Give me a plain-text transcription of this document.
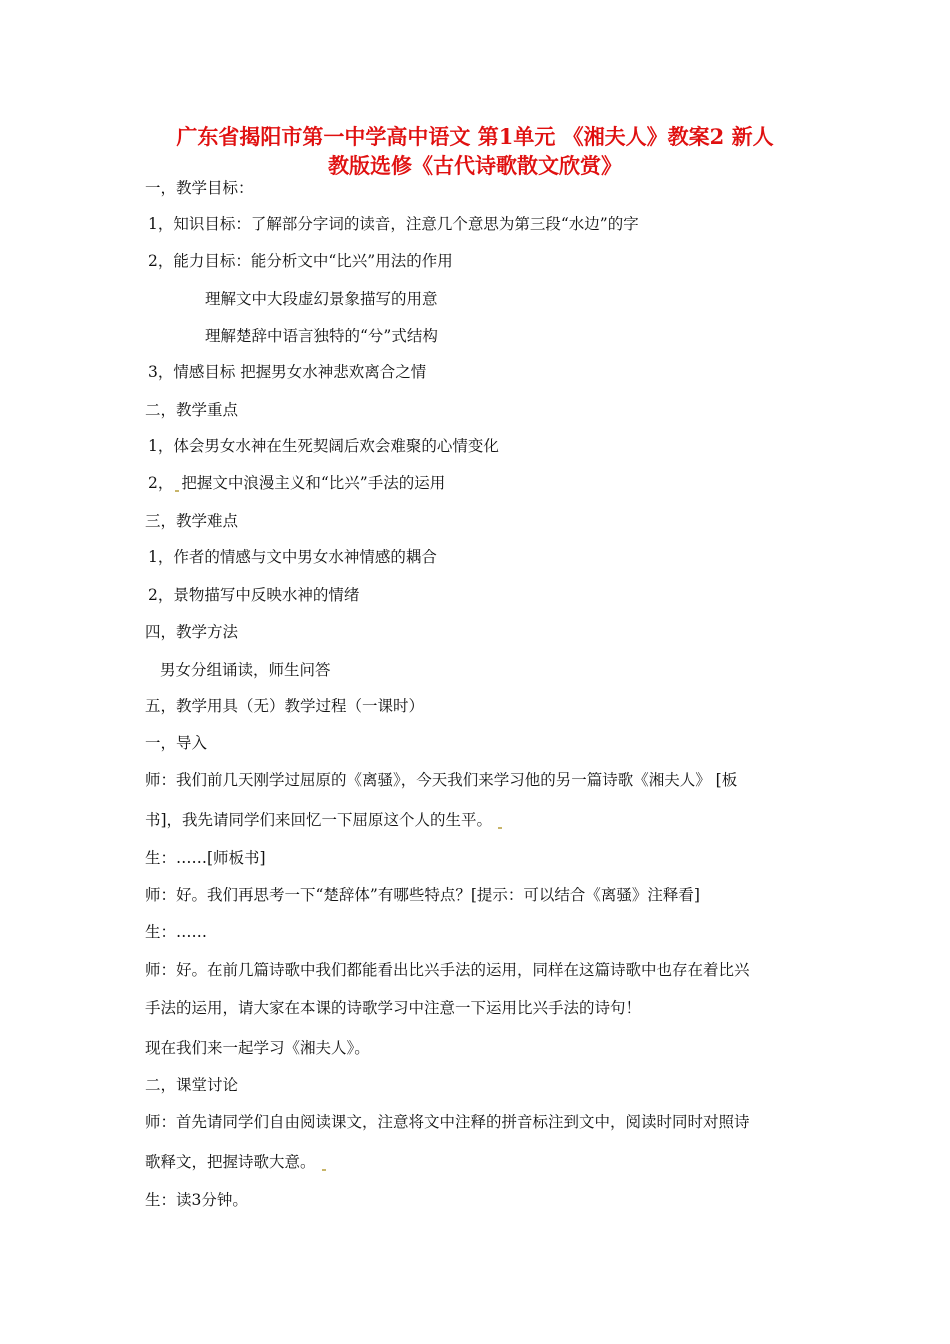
广东省揭阳市第一中学高中语文 第1单元 《湘夫人》教案2 新人
教版选修《古代诗歌散文欣赏》
一，教学目标：
1，知识目标：了解部分字词的读音，注意几个意思为第三段“水边”的字
2，能力目标：能分析文中“比兴”用法的作用
理解文中大段虚幻景象描写的用意
理解楚辞中语言独特的“兮”式结构
3，情感目标 把握男女水神悲欢离合之情
二，教学重点
1，体会男女水神在生死契阔后欢会难聚的心情变化
2， 把握文中浪漫主义和“比兴”手法的运用
三，教学难点
1，作者的情感与文中男女水神情感的耦合
2，景物描写中反映水神的情绪
四，教学方法
男女分组诵读，师生问答
五，教学用具（无）教学过程（一课时）
一，导入
师：我们前几天刚学过屈原的《离骚》，今天我们来学习他的另一篇诗歌《湘夫人》 [板
书]，我先请同学们来回忆一下屈原这个人的生平。
生：……[师板书]
师：好。我们再思考一下“楚辞体”有哪些特点？[提示：可以结合《离骚》注释看]
生：……
师：好。在前几篇诗歌中我们都能看出比兴手法的运用，同样在这篇诗歌中也存在着比兴
手法的运用，请大家在本课的诗歌学习中注意一下运用比兴手法的诗句！
现在我们来一起学习《湘夫人》。
二，课堂讨论
师：首先请同学们自由阅读课文，注意将文中注释的拼音标注到文中，阅读时同时对照诗
歌释文，把握诗歌大意。
生：读3分钟。
